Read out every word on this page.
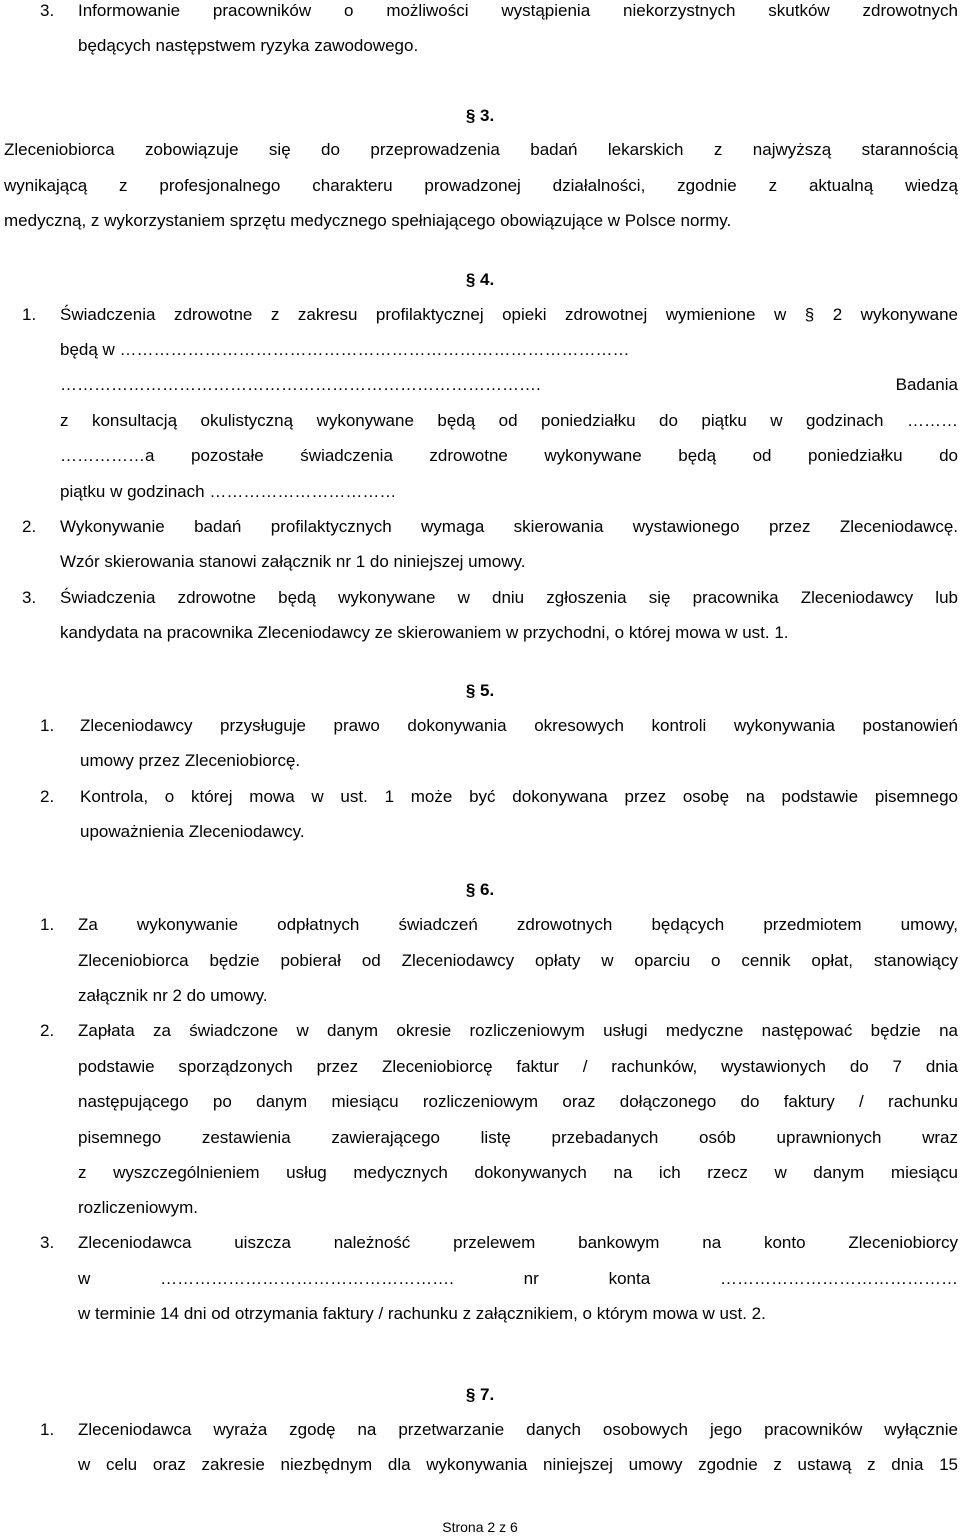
3. Informowanie pracowników o możliwości wystąpienia niekorzystnych skutków zdrowotnych
będących następstwem ryzyka zawodowego.
§ 3.
Zleceniobiorca zobowiązuje się do przeprowadzenia badań lekarskich z najwyższą starannością
wynikającą z profesjonalnego charakteru prowadzonej działalności, zgodnie z aktualną wiedzą
medyczną, z wykorzystaniem sprzętu medycznego spełniającego obowiązujące w Polsce normy.
§ 4.
1. Świadczenia zdrowotne z zakresu profilaktycznej opieki zdrowotnej wymienione w § 2 wykonywane
będą w ………………………………………………………………………………
…………………………………………………………………………. Badania
z konsultacją okulistyczną wykonywane będą od poniedziałku do piątku w godzinach ………
……………a pozostałe świadczenia zdrowotne wykonywane będą od poniedziałku do
piątku w godzinach ……………………………
2. Wykonywanie badań profilaktycznych wymaga skierowania wystawionego przez Zleceniodawcę.
Wzór skierowania stanowi załącznik nr 1 do niniejszej umowy.
3. Świadczenia zdrowotne będą wykonywane w dniu zgłoszenia się pracownika Zleceniodawcy lub
kandydata na pracownika Zleceniodawcy ze skierowaniem w przychodni, o której mowa w ust. 1.
§ 5.
1. Zleceniodawcy przysługuje prawo dokonywania okresowych kontroli wykonywania postanowień
umowy przez Zleceniobiorcę.
2. Kontrola, o której mowa w ust. 1 może być dokonywana przez osobę na podstawie pisemnego
upoważnienia Zleceniodawcy.
§ 6.
1. Za wykonywanie odpłatnych świadczeń zdrowotnych będących przedmiotem umowy,
Zleceniobiorca będzie pobierał od Zleceniodawcy opłaty w oparciu o cennik opłat, stanowiący
załącznik nr 2 do umowy.
2. Zapłata za świadczone w danym okresie rozliczeniowym usługi medyczne następować będzie na
podstawie sporządzonych przez Zleceniobiorcę faktur / rachunków, wystawionych do 7 dnia
następującego po danym miesiącu rozliczeniowym oraz dołączonego do faktury / rachunku
pisemnego zestawienia zawierającego listę przebadanych osób uprawnionych wraz
z wyszczególnieniem usług medycznych dokonywanych na ich rzecz w danym miesiącu
rozliczeniowym.
3. Zleceniodawca uiszcza należność przelewem bankowym na konto Zleceniobiorcy
w ……………………………………………. nr konta ……………………………………
w terminie 14 dni od otrzymania faktury / rachunku z załącznikiem, o którym mowa w ust. 2.
§ 7.
1. Zleceniodawca wyraża zgodę na przetwarzanie danych osobowych jego pracowników wyłącznie
w celu oraz zakresie niezbędnym dla wykonywania niniejszej umowy zgodnie z ustawą z dnia 15
Strona 2 z 6
